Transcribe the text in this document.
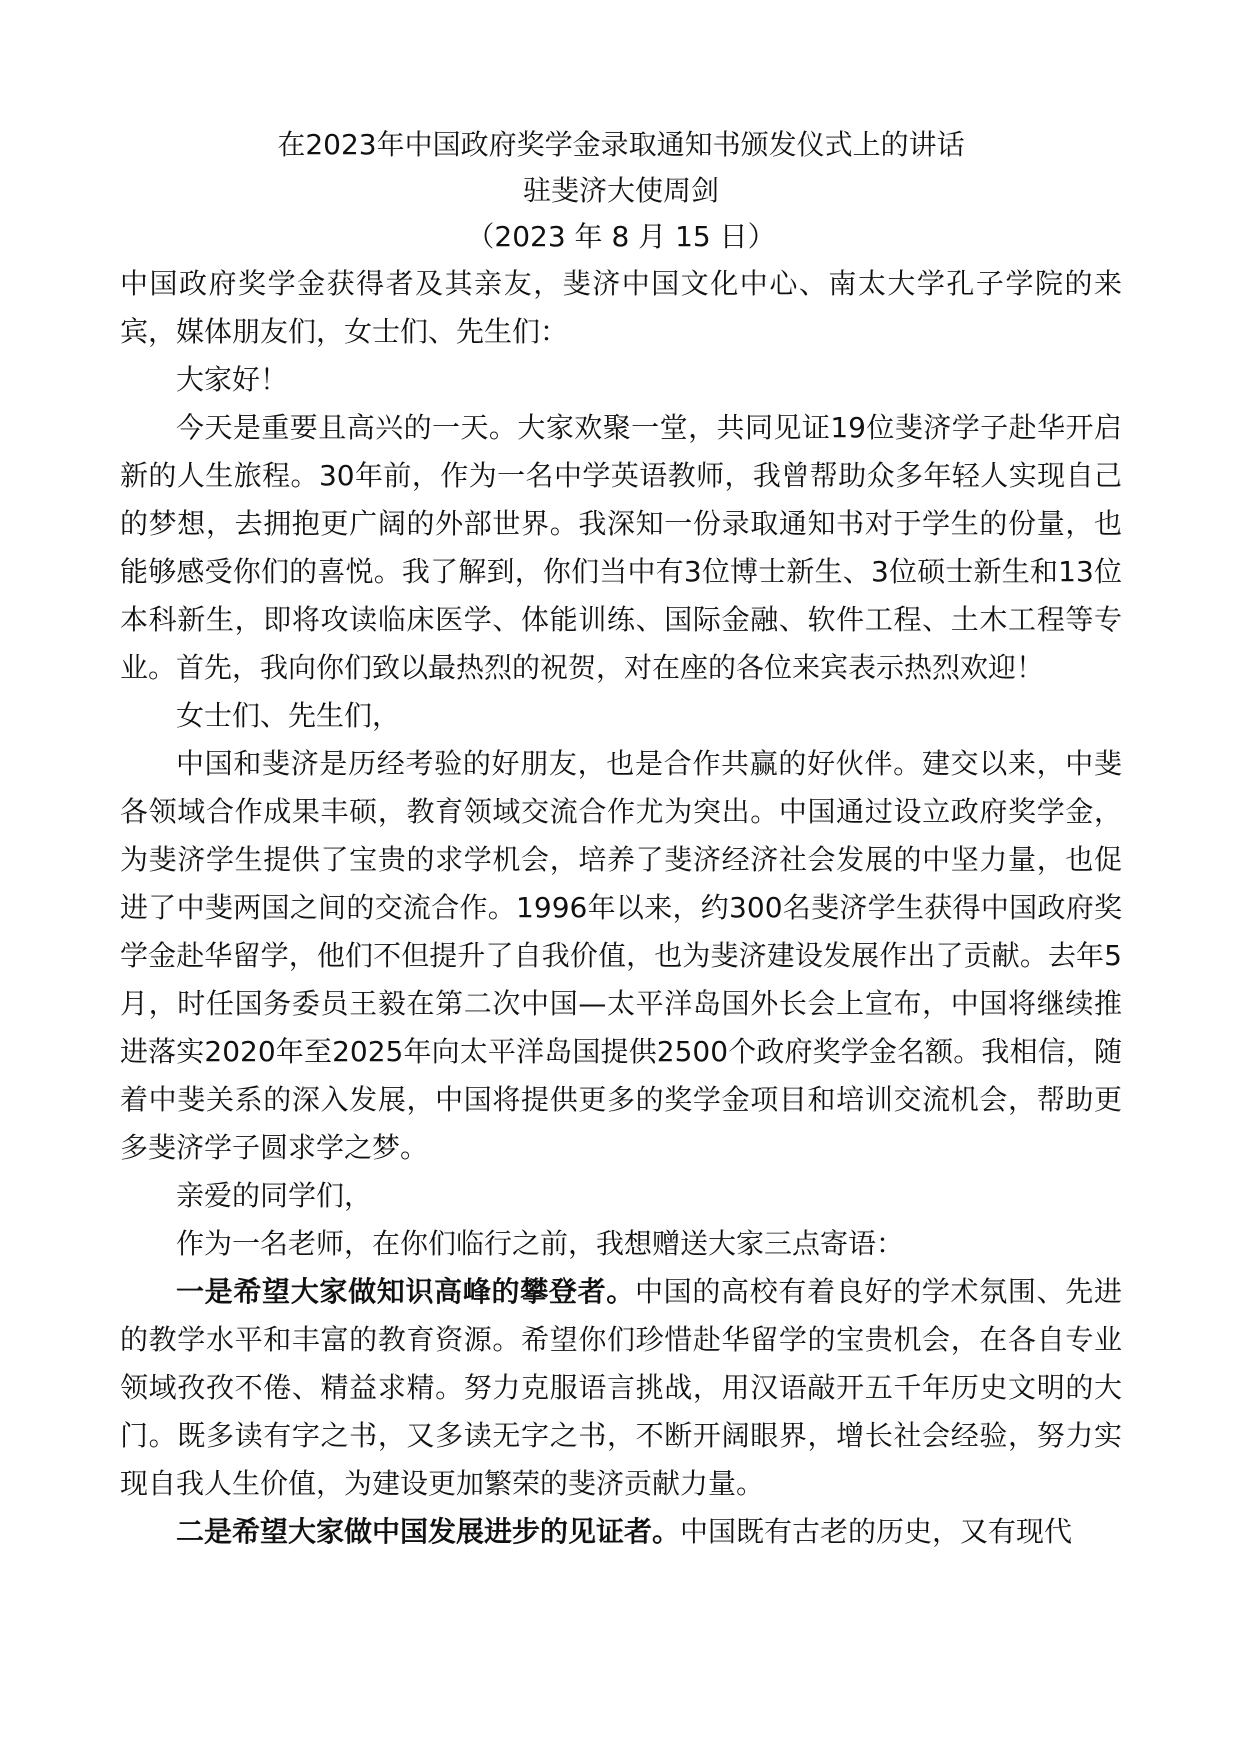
在2023年中国政府奖学金录取通知书颁发仪式上的讲话

驻斐济大使周剑

（2023 年 8 月 15 日）

中国政府奖学金获得者及其亲友，斐济中国文化中心、南太大学孔子学院的来宾，媒体朋友们，女士们、先生们：

大家好！

今天是重要且高兴的一天。大家欢聚一堂，共同见证19位斐济学子赴华开启新的人生旅程。30年前，作为一名中学英语教师，我曾帮助众多年轻人实现自己的梦想，去拥抱更广阔的外部世界。我深知一份录取通知书对于学生的份量，也能够感受你们的喜悦。我了解到，你们当中有3位博士新生、3位硕士新生和13位本科新生，即将攻读临床医学、体能训练、国际金融、软件工程、土木工程等专业。首先，我向你们致以最热烈的祝贺，对在座的各位来宾表示热烈欢迎！

女士们、先生们，

中国和斐济是历经考验的好朋友，也是合作共赢的好伙伴。建交以来，中斐各领域合作成果丰硕，教育领域交流合作尤为突出。中国通过设立政府奖学金，为斐济学生提供了宝贵的求学机会，培养了斐济经济社会发展的中坚力量，也促进了中斐两国之间的交流合作。1996年以来，约300名斐济学生获得中国政府奖学金赴华留学，他们不但提升了自我价值，也为斐济建设发展作出了贡献。去年5月，时任国务委员王毅在第二次中国—太平洋岛国外长会上宣布，中国将继续推进落实2020年至2025年向太平洋岛国提供2500个政府奖学金名额。我相信，随着中斐关系的深入发展，中国将提供更多的奖学金项目和培训交流机会，帮助更多斐济学子圆求学之梦。

亲爱的同学们，

作为一名老师，在你们临行之前，我想赠送大家三点寄语：

一是希望大家做知识高峰的攀登者。中国的高校有着良好的学术氛围、先进的教学水平和丰富的教育资源。希望你们珍惜赴华留学的宝贵机会，在各自专业领域孜孜不倦、精益求精。努力克服语言挑战，用汉语敲开五千年历史文明的大门。既多读有字之书，又多读无字之书，不断开阔眼界，增长社会经验，努力实现自我人生价值，为建设更加繁荣的斐济贡献力量。

二是希望大家做中国发展进步的见证者。中国既有古老的历史，又有现代
